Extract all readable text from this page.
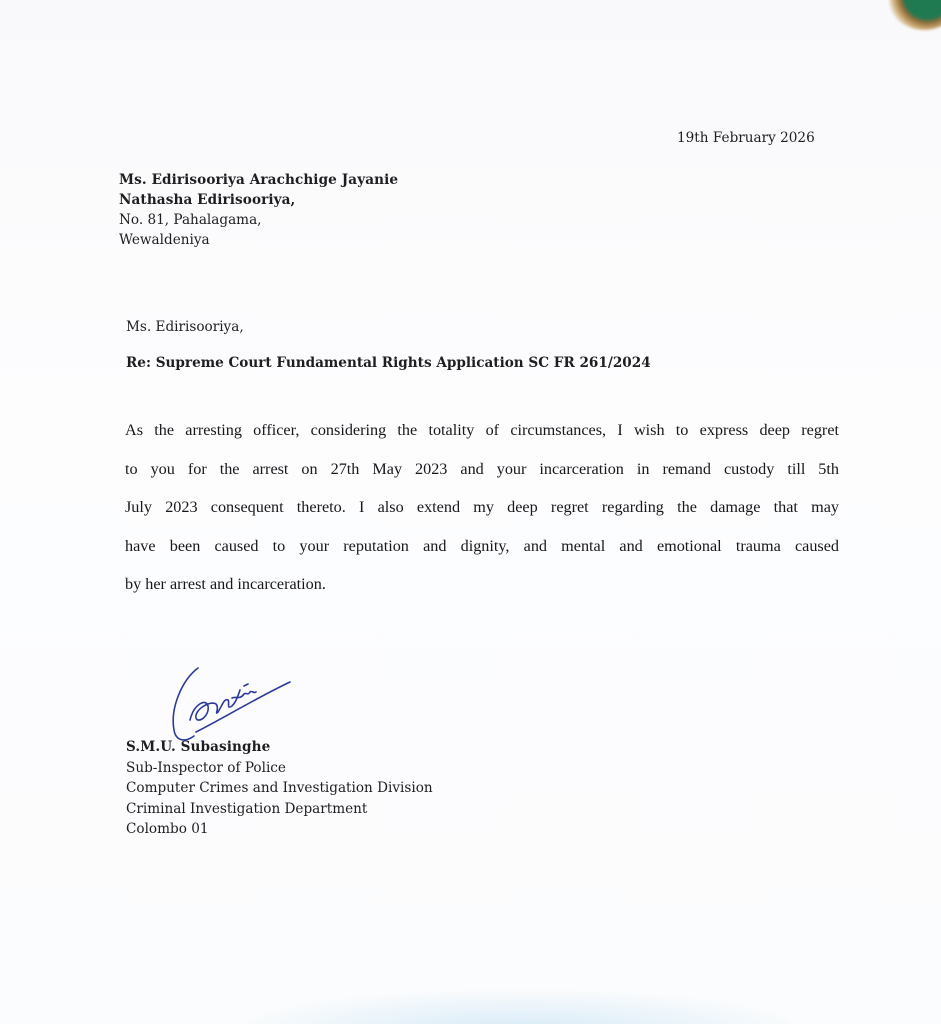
19th February 2026
Ms. Edirisooriya Arachchige Jayanie
Nathasha Edirisooriya,
No. 81, Pahalagama,
Wewaldeniya
Ms. Edirisooriya,
Re: Supreme Court Fundamental Rights Application SC FR 261/2024
As the arresting officer, considering the totality of circumstances, I wish to express deep regret
to you for the arrest on 27th May 2023 and your incarceration in remand custody till 5th
July 2023 consequent thereto. I also extend my deep regret regarding the damage that may
have been caused to your reputation and dignity, and mental and emotional trauma caused
by her arrest and incarceration.
S.M.U. Subasinghe
Sub-Inspector of Police
Computer Crimes and Investigation Division
Criminal Investigation Department
Colombo 01
